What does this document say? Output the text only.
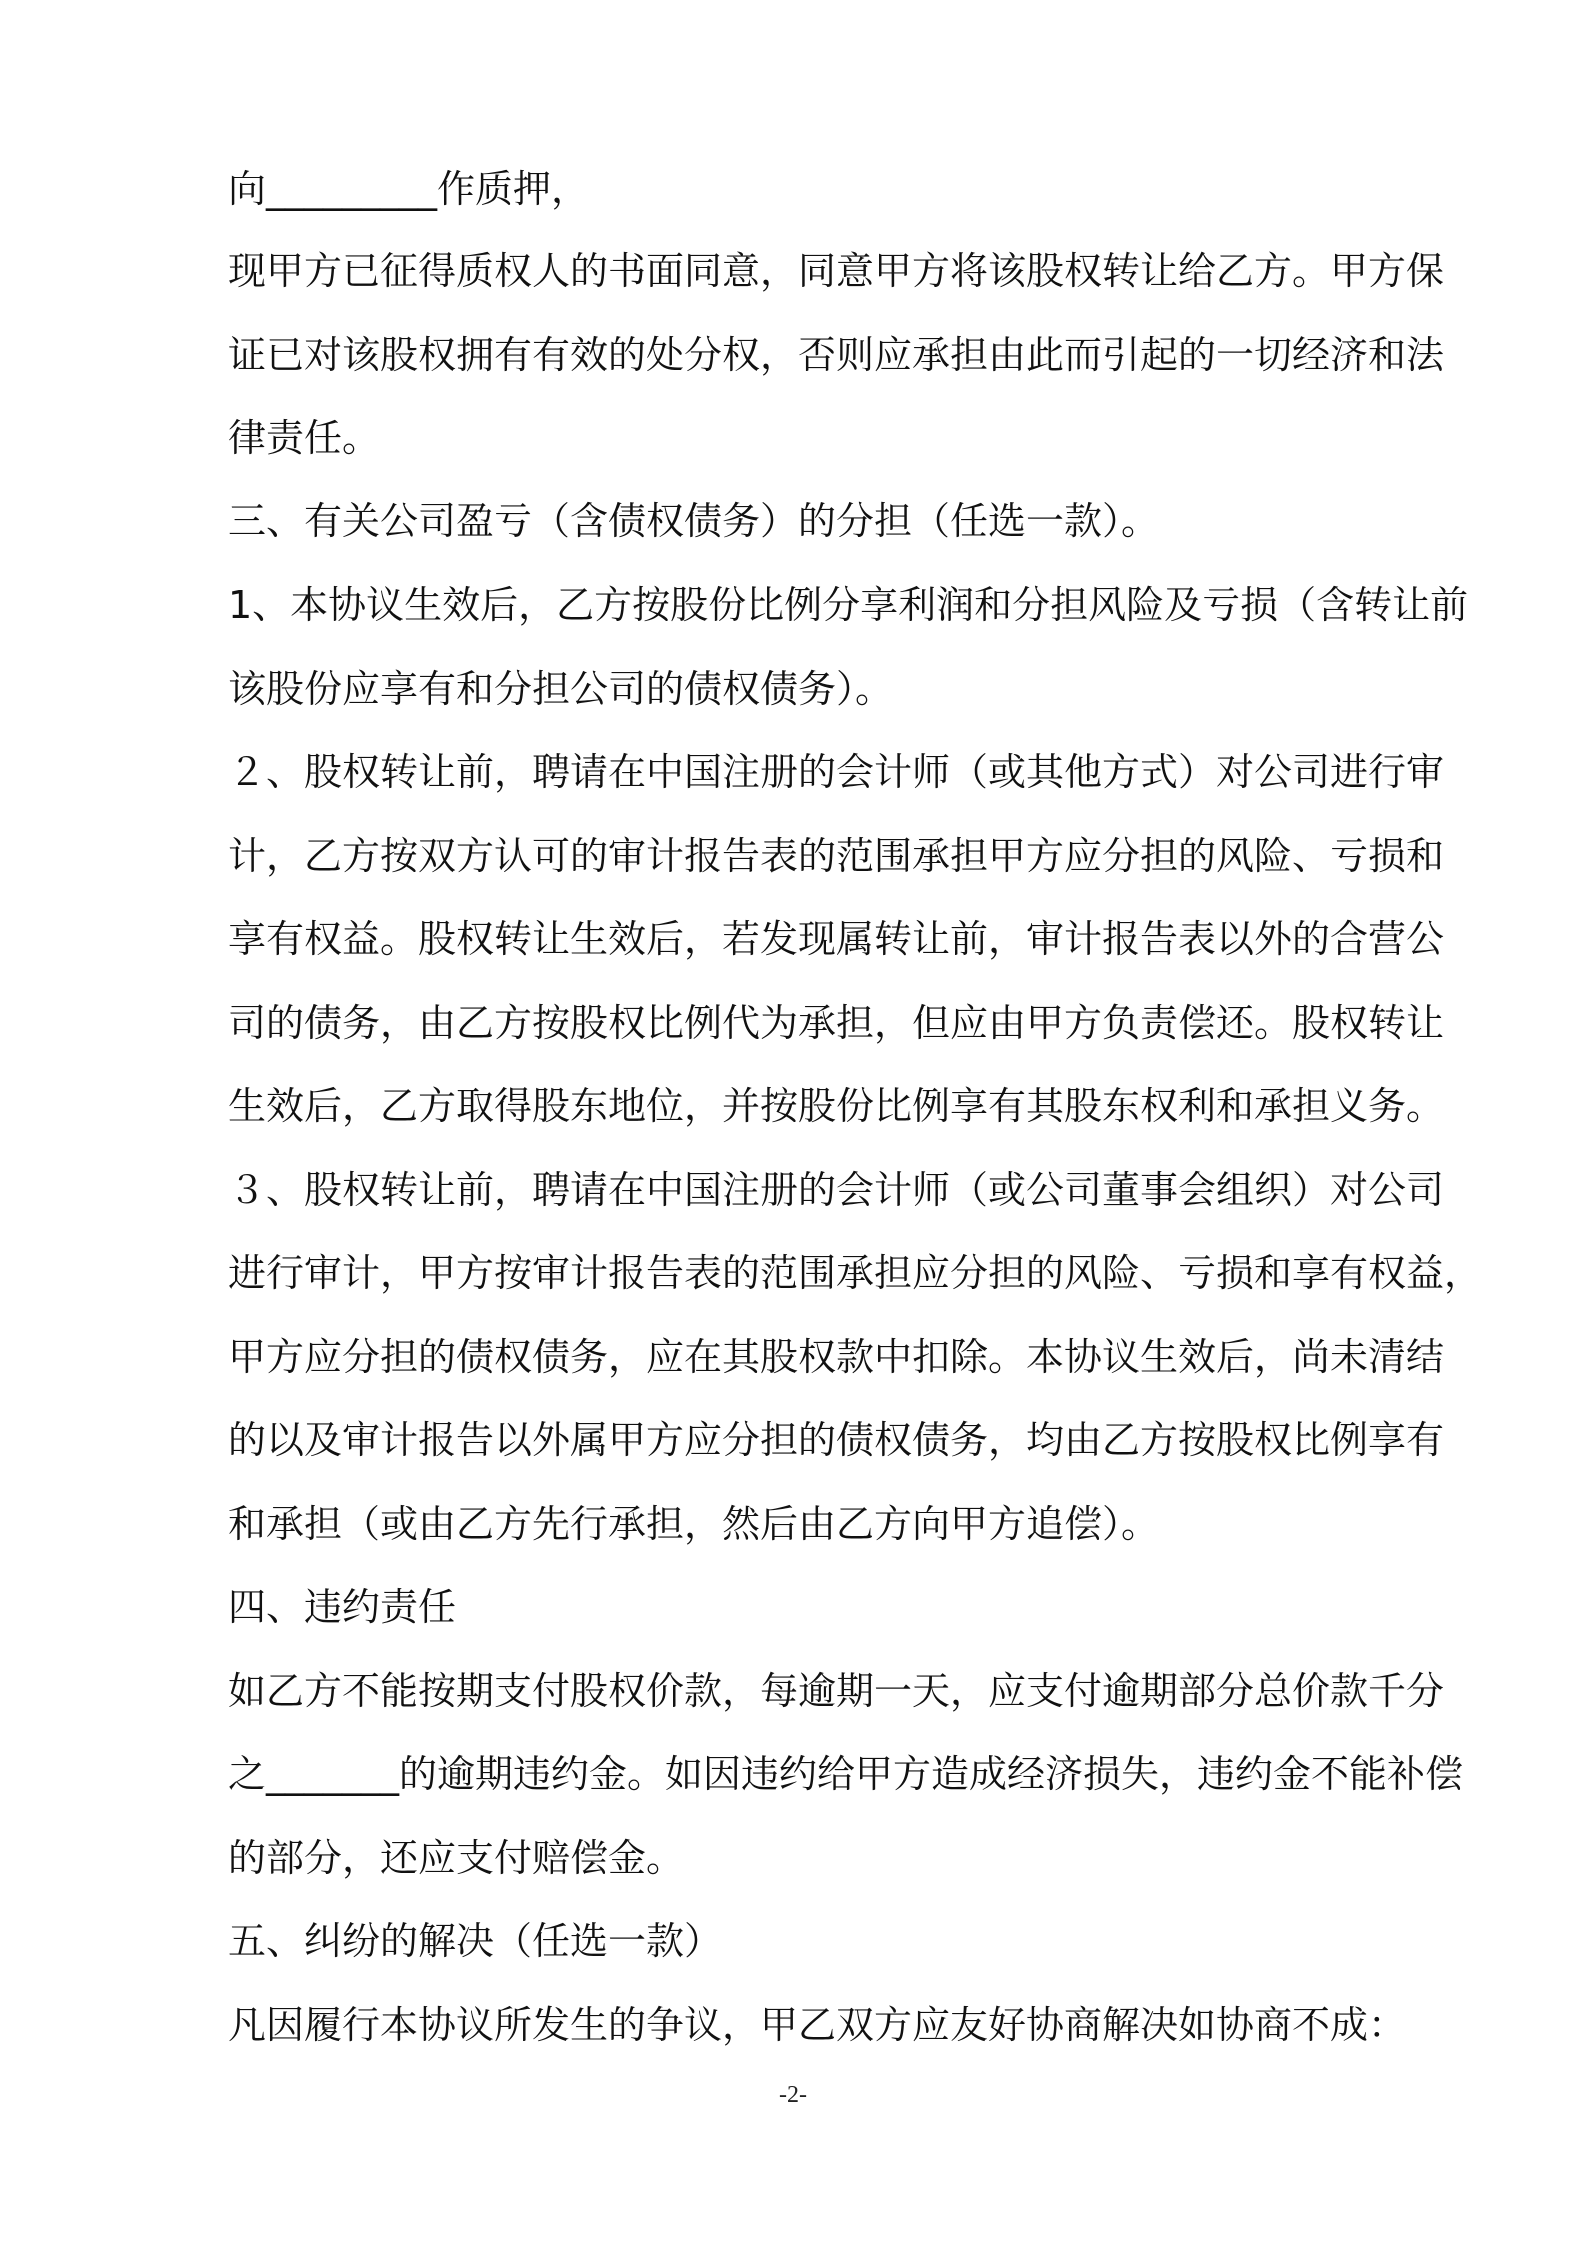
向_________作质押，
现甲方已征得质权人的书面同意，同意甲方将该股权转让给乙方。甲方保
证已对该股权拥有有效的处分权，否则应承担由此而引起的一切经济和法
律责任。
三、有关公司盈亏（含债权债务）的分担（任选一款）。
1、本协议生效后，乙方按股份比例分享利润和分担风险及亏损（含转让前
该股份应享有和分担公司的债权债务）。
２、股权转让前，聘请在中国注册的会计师（或其他方式）对公司进行审
计，乙方按双方认可的审计报告表的范围承担甲方应分担的风险、亏损和
享有权益。股权转让生效后，若发现属转让前，审计报告表以外的合营公
司的债务，由乙方按股权比例代为承担，但应由甲方负责偿还。股权转让
生效后，乙方取得股东地位，并按股份比例享有其股东权利和承担义务。
３、股权转让前，聘请在中国注册的会计师（或公司董事会组织）对公司
进行审计，甲方按审计报告表的范围承担应分担的风险、亏损和享有权益，
甲方应分担的债权债务，应在其股权款中扣除。本协议生效后，尚未清结
的以及审计报告以外属甲方应分担的债权债务，均由乙方按股权比例享有
和承担（或由乙方先行承担，然后由乙方向甲方追偿）。
四、违约责任
如乙方不能按期支付股权价款，每逾期一天，应支付逾期部分总价款千分
之_______的逾期违约金。如因违约给甲方造成经济损失，违约金不能补偿
的部分，还应支付赔偿金。
五、纠纷的解决（任选一款）
凡因履行本协议所发生的争议，甲乙双方应友好协商解决如协商不成：
-2-
